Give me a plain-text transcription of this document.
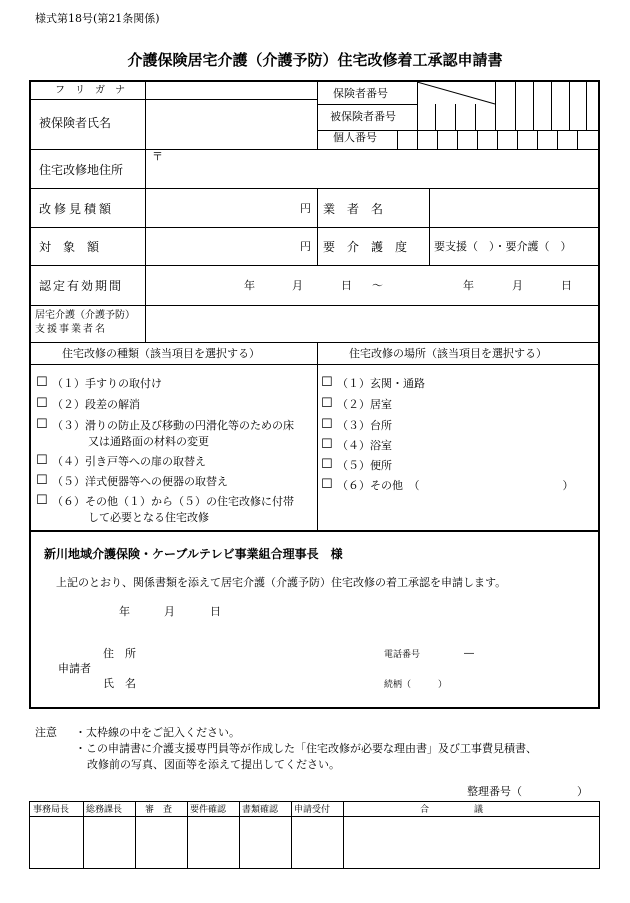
様式第18号(第21条関係)
介護保険居宅介護（介護予防）住宅改修着工承認申請書
フ　リ　ガ　ナ
被保険者氏名
保険者番号
被保険者番号
個人番号
〒
住宅改修地住所
改修見積額	円 業　者　名
対　象　額	円 要　介　護　度 要支援（　）・要介護（　）
認定有効期間	年	月	日 ～	年	月	日
居宅介護（介護予防）
支援事業者名
住宅改修の種類（該当項目を選択する）	住宅改修の場所（該当項目を選択する）
☐ （１）手すりの取付け
☐ （２）段差の解消
☐ （３）滑りの防止及び移動の円滑化等のための床
又は通路面の材料の変更
☐ （４）引き戸等への扉の取替え
☐ （５）洋式便器等への便器の取替え
☐ （６）その他（１）から（５）の住宅改修に付帯
して必要となる住宅改修
☐ （１）玄関・通路
☐ （２）居室
☐ （３）台所
☐ （４）浴室
☐ （５）便所
☐ （６）その他　（　　　　　　　　　　　　　）
新川地域介護保険・ケーブルテレビ事業組合理事長　様
上記のとおり、関係書類を添えて居宅介護（介護予防）住宅改修の着工承認を申請します。
年	月	日
住　所
申請者
氏　名
電話番号	―
続柄（　　　）
注意 ・太枠線の中をご記入ください。
・この申請書に介護支援専門員等が作成した「住宅改修が必要な理由書」及び工事費見積書、
改修前の写真、図面等を添えて提出してください。
整理番号（　　　　　）
事務局長 総務課長	審　査 要件確認 書類確認 申請受付	合　　　　　議
